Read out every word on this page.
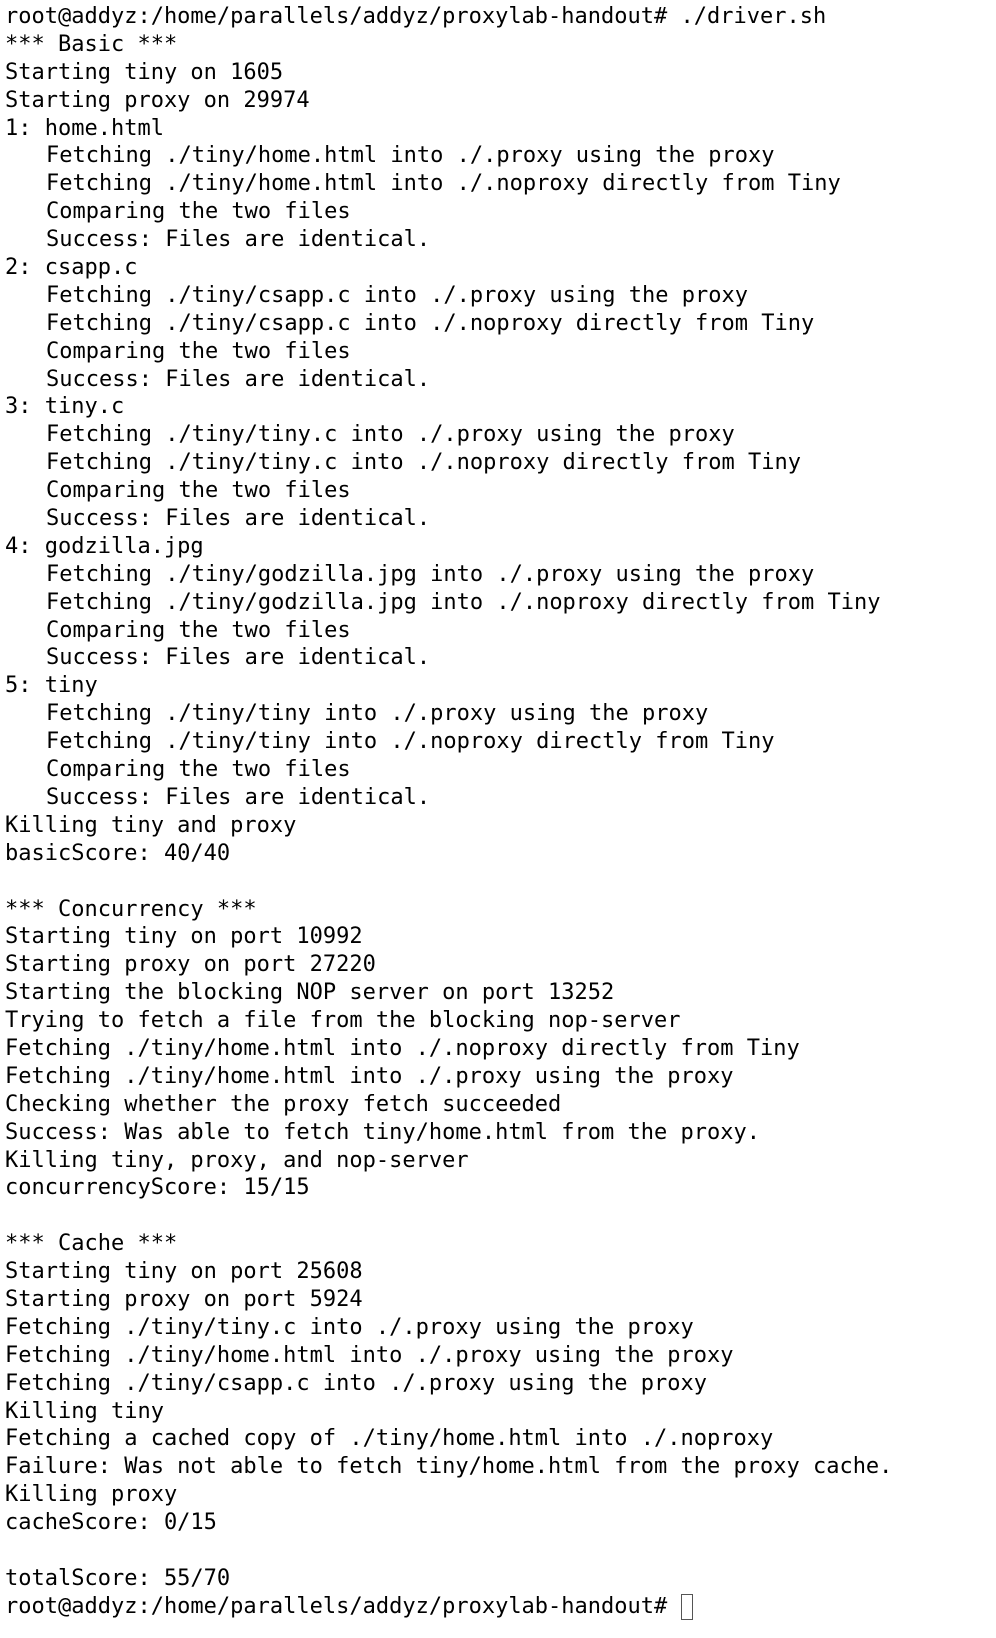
root@addyz:/home/parallels/addyz/proxylab-handout# ./driver.sh
*** Basic ***
Starting tiny on 1605
Starting proxy on 29974
1: home.html
Fetching ./tiny/home.html into ./.proxy using the proxy
Fetching ./tiny/home.html into ./.noproxy directly from Tiny
Comparing the two files
Success: Files are identical.
2: csapp.c
Fetching ./tiny/csapp.c into ./.proxy using the proxy
Fetching ./tiny/csapp.c into ./.noproxy directly from Tiny
Comparing the two files
Success: Files are identical.
3: tiny.c
Fetching ./tiny/tiny.c into ./.proxy using the proxy
Fetching ./tiny/tiny.c into ./.noproxy directly from Tiny
Comparing the two files
Success: Files are identical.
4: godzilla.jpg
Fetching ./tiny/godzilla.jpg into ./.proxy using the proxy
Fetching ./tiny/godzilla.jpg into ./.noproxy directly from Tiny
Comparing the two files
Success: Files are identical.
5: tiny
Fetching ./tiny/tiny into ./.proxy using the proxy
Fetching ./tiny/tiny into ./.noproxy directly from Tiny
Comparing the two files
Success: Files are identical.
Killing tiny and proxy
basicScore: 40/40
*** Concurrency ***
Starting tiny on port 10992
Starting proxy on port 27220
Starting the blocking NOP server on port 13252
Trying to fetch a file from the blocking nop-server
Fetching ./tiny/home.html into ./.noproxy directly from Tiny
Fetching ./tiny/home.html into ./.proxy using the proxy
Checking whether the proxy fetch succeeded
Success: Was able to fetch tiny/home.html from the proxy.
Killing tiny, proxy, and nop-server
concurrencyScore: 15/15
*** Cache ***
Starting tiny on port 25608
Starting proxy on port 5924
Fetching ./tiny/tiny.c into ./.proxy using the proxy
Fetching ./tiny/home.html into ./.proxy using the proxy
Fetching ./tiny/csapp.c into ./.proxy using the proxy
Killing tiny
Fetching a cached copy of ./tiny/home.html into ./.noproxy
Failure: Was not able to fetch tiny/home.html from the proxy cache.
Killing proxy
cacheScore: 0/15
totalScore: 55/70
root@addyz:/home/parallels/addyz/proxylab-handout#
